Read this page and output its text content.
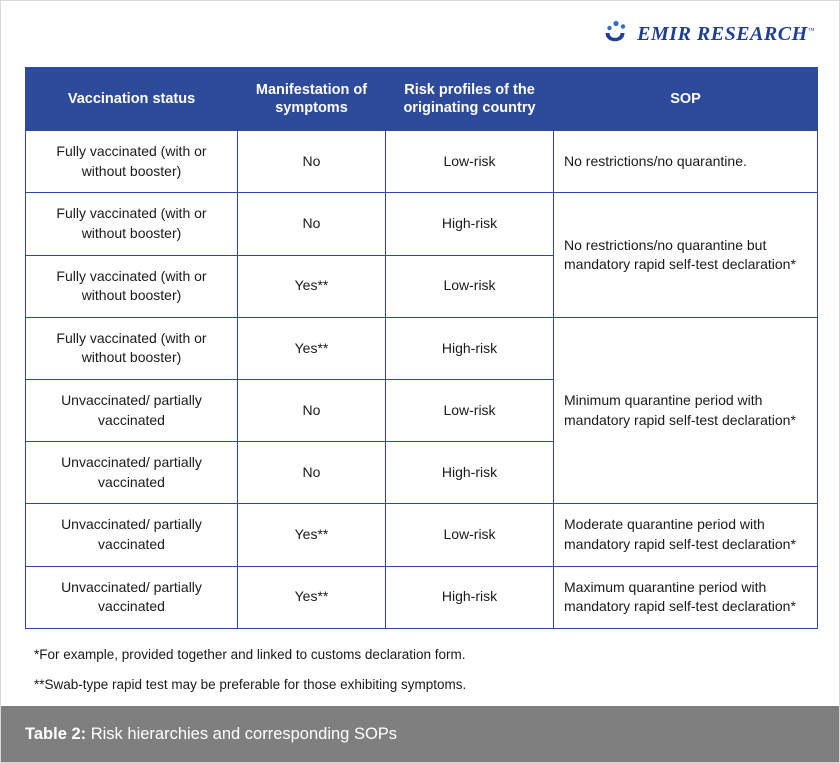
EMIR RESEARCH™
Vaccination status	Manifestation of symptoms	Risk profiles of the originating country	SOP
Fully vaccinated (with or without booster)	No	Low-risk	No restrictions/no quarantine.
Fully vaccinated (with or without booster)	No	High-risk	No restrictions/no quarantine but mandatory rapid self-test declaration*
Fully vaccinated (with or without booster)	Yes**	Low-risk	
Fully vaccinated (with or without booster)	Yes**	High-risk	Minimum quarantine period with mandatory rapid self-test declaration*
Unvaccinated/ partially vaccinated	No	Low-risk	
Unvaccinated/ partially vaccinated	No	High-risk	
Unvaccinated/ partially vaccinated	Yes**	Low-risk	Moderate quarantine period with mandatory rapid self-test declaration*
Unvaccinated/ partially vaccinated	Yes**	High-risk	Maximum quarantine period with mandatory rapid self-test declaration*
*For example, provided together and linked to customs declaration form.
**Swab-type rapid test may be preferable for those exhibiting symptoms.
Table 2: Risk hierarchies and corresponding SOPs
